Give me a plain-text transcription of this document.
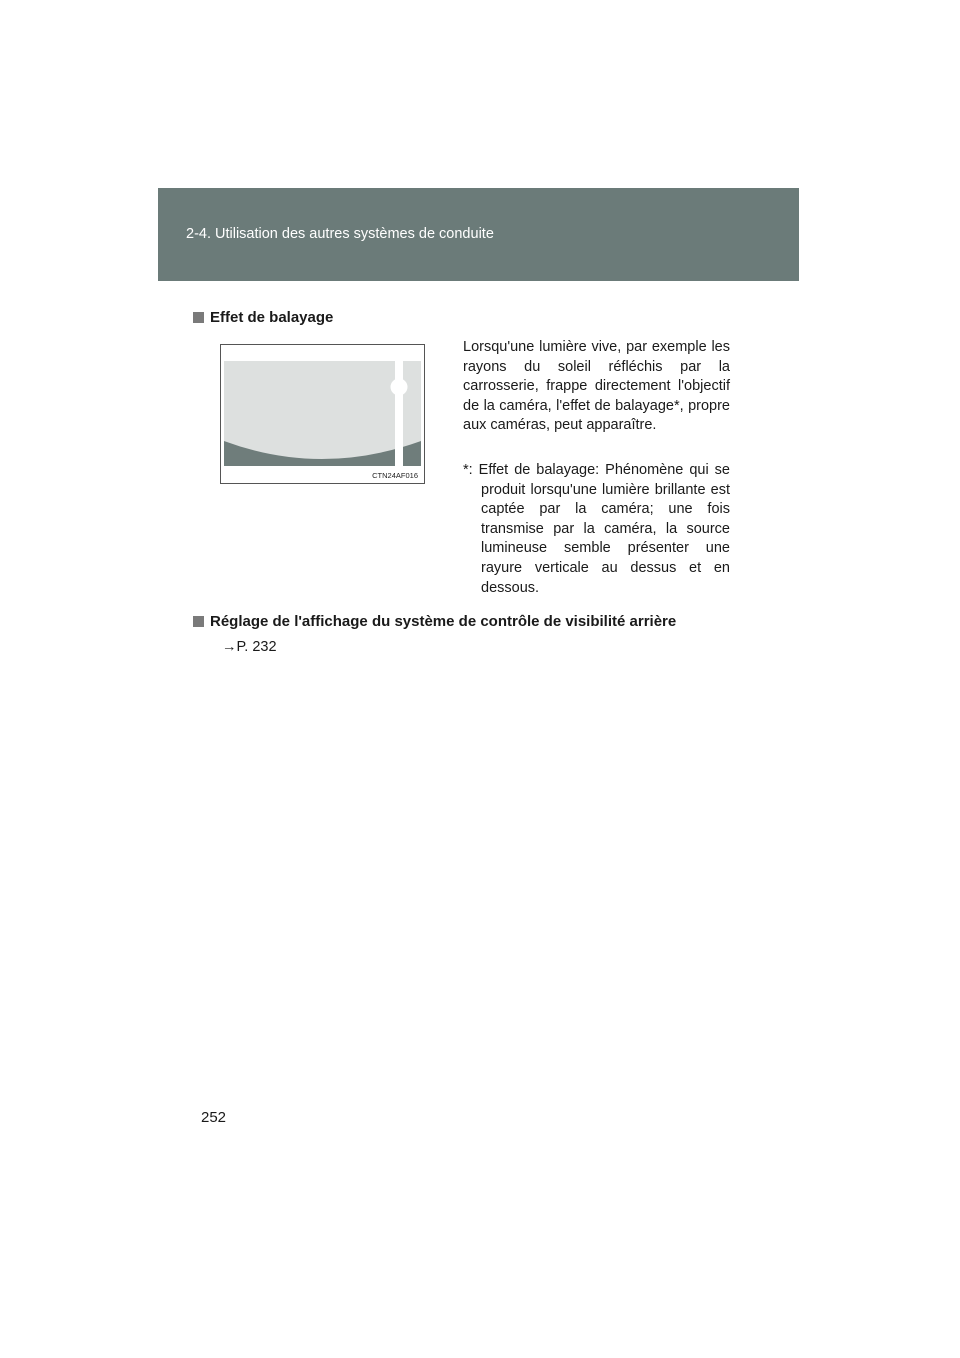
2-4. Utilisation des autres systèmes de conduite
Effet de balayage
CTN24AF016
Lorsqu'une lumière vive, par exemple les rayons du soleil réfléchis par la carrosserie, frappe directement l'objectif de la caméra, l'effet de balayage*, propre aux caméras, peut apparaître.
*: Effet de balayage: Phénomène qui se produit lorsqu'une lumière brillante est captée par la caméra; une fois transmise par la caméra, la source lumineuse semble présenter une rayure verticale au dessus et en dessous.
Réglage de l'affichage du système de contrôle de visibilité arrière
→P. 232
252
